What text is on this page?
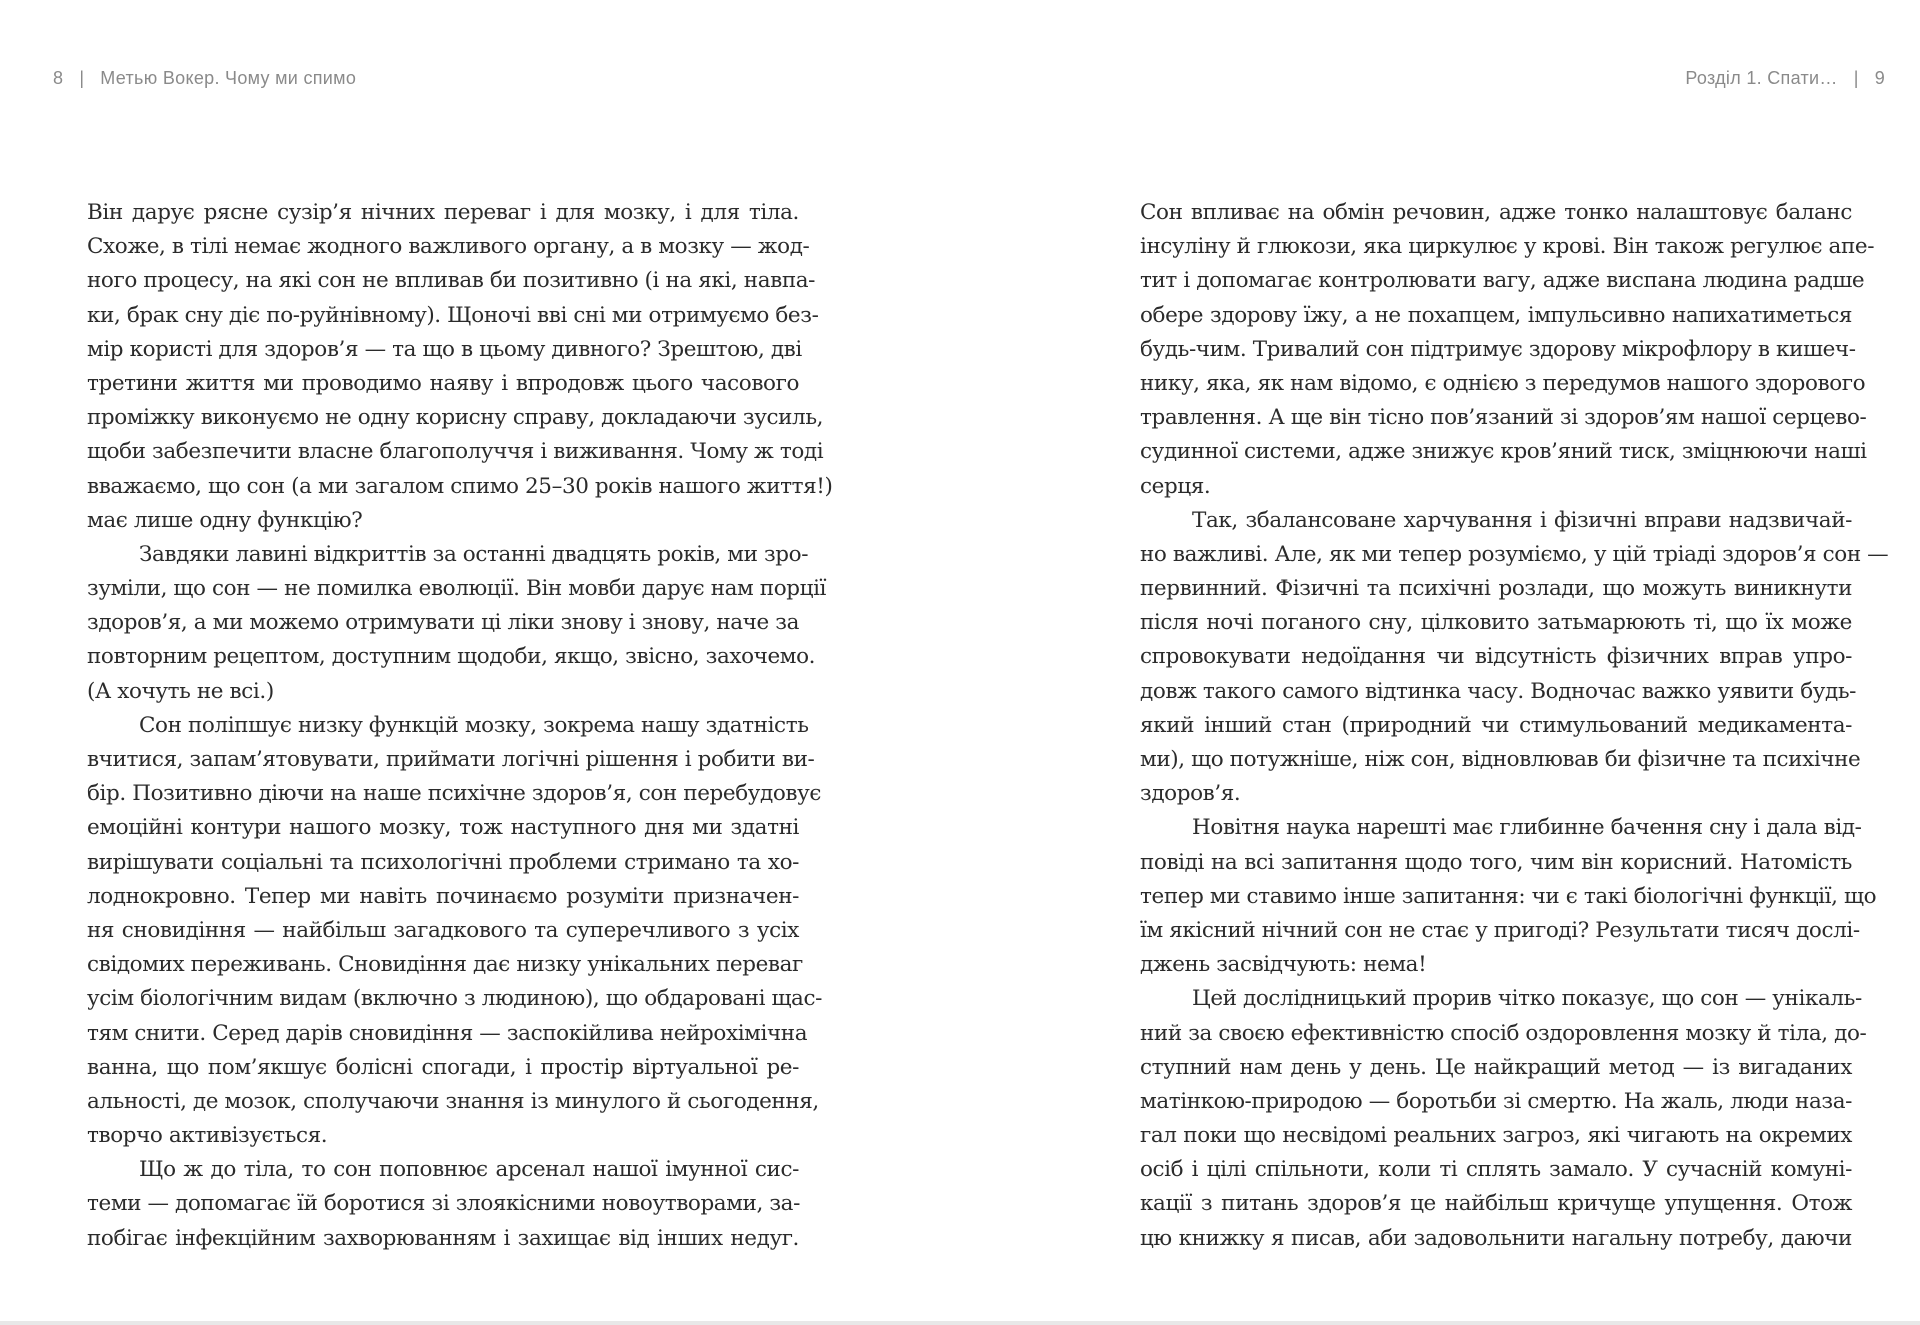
8 | Метью Вокер. Чому ми спимо	Розділ 1. Спати… | 9
Він дарує рясне сузір’я нічних переваг і для мозку, і для тіла.
Схоже, в тілі немає жодного важливого органу, а в мозку — жод-
ного процесу, на які сон не впливав би позитивно (і на які, навпа-
ки, брак сну діє по-руйнівному). Щоночі вві сні ми отримуємо без-
мір користі для здоров’я — та що в цьому дивного? Зрештою, дві
третини життя ми проводимо наяву і впродовж цього часового
проміжку виконуємо не одну корисну справу, докладаючи зусиль,
щоби забезпечити власне благополуччя і виживання. Чому ж тоді
вважаємо, що сон (а ми загалом спимо 25–30 років нашого життя!)
має лише одну функцію?
Завдяки лавині відкриттів за останні двадцять років, ми зро-
зуміли, що сон — не помилка еволюції. Він мовби дарує нам порції
здоров’я, а ми можемо отримувати ці ліки знову і знову, наче за
повторним рецептом, доступним щодоби, якщо, звісно, захочемо.
(А хочуть не всі.)
Сон поліпшує низку функцій мозку, зокрема нашу здатність
вчитися, запам’ятовувати, приймати логічні рішення і робити ви-
бір. Позитивно діючи на наше психічне здоров’я, сон перебудовує
емоційні контури нашого мозку, тож наступного дня ми здатні
вирішувати соціальні та психологічні проблеми стримано та хо-
лоднокровно. Тепер ми навіть починаємо розуміти призначен-
ня сновидіння — найбільш загадкового та суперечливого з усіх
свідомих переживань. Сновидіння дає низку унікальних переваг
усім біологічним видам (включно з людиною), що обдаровані щас-
тям снити. Серед дарів сновидіння — заспокійлива нейрохімічна
ванна, що пом’якшує болісні спогади, і простір віртуальної ре-
альності, де мозок, сполучаючи знання із минулого й сьогодення,
творчо активізується.
Що ж до тіла, то сон поповнює арсенал нашої імунної сис-
теми — допомагає їй боротися зі злоякісними новоутворами, за-
побігає інфекційним захворюванням і захищає від інших недуг.
Сон впливає на обмін речовин, адже тонко налаштовує баланс
інсуліну й глюкози, яка циркулює у крові. Він також регулює апе-
тит і допомагає контролювати вагу, адже виспана людина радше
обере здорову їжу, а не похапцем, імпульсивно напихатиметься
будь-чим. Тривалий сон підтримує здорову мікрофлору в кишеч-
нику, яка, як нам відомо, є однією з передумов нашого здорового
травлення. А ще він тісно пов’язаний зі здоров’ям нашої серцево-
судинної системи, адже знижує кров’яний тиск, зміцнюючи наші
серця.
Так, збалансоване харчування і фізичні вправи надзвичай-
но важливі. Але, як ми тепер розуміємо, у цій тріаді здоров’я сон —
первинний. Фізичні та психічні розлади, що можуть виникнути
після ночі поганого сну, цілковито затьмарюють ті, що їх може
спровокувати недоїдання чи відсутність фізичних вправ упро-
довж такого самого відтинка часу. Водночас важко уявити будь-
який інший стан (природний чи стимульований медикамента-
ми), що потужніше, ніж сон, відновлював би фізичне та психічне
здоров’я.
Новітня наука нарешті має глибинне бачення сну і дала від-
повіді на всі запитання щодо того, чим він корисний. Натомість
тепер ми ставимо інше запитання: чи є такі біологічні функції, що
їм якісний нічний сон не стає у пригоді? Результати тисяч дослі-
джень засвідчують: нема!
Цей дослідницький прорив чітко показує, що сон — унікаль-
ний за своєю ефективністю спосіб оздоровлення мозку й тіла, до-
ступний нам день у день. Це найкращий метод — із вигаданих
матінкою-природою — боротьби зі смертю. На жаль, люди наза-
гал поки що несвідомі реальних загроз, які чигають на окремих
осіб і цілі спільноти, коли ті сплять замало. У сучасній комуні-
кації з питань здоров’я це найбільш кричуще упущення. Отож
цю книжку я писав, аби задовольнити нагальну потребу, даючи
